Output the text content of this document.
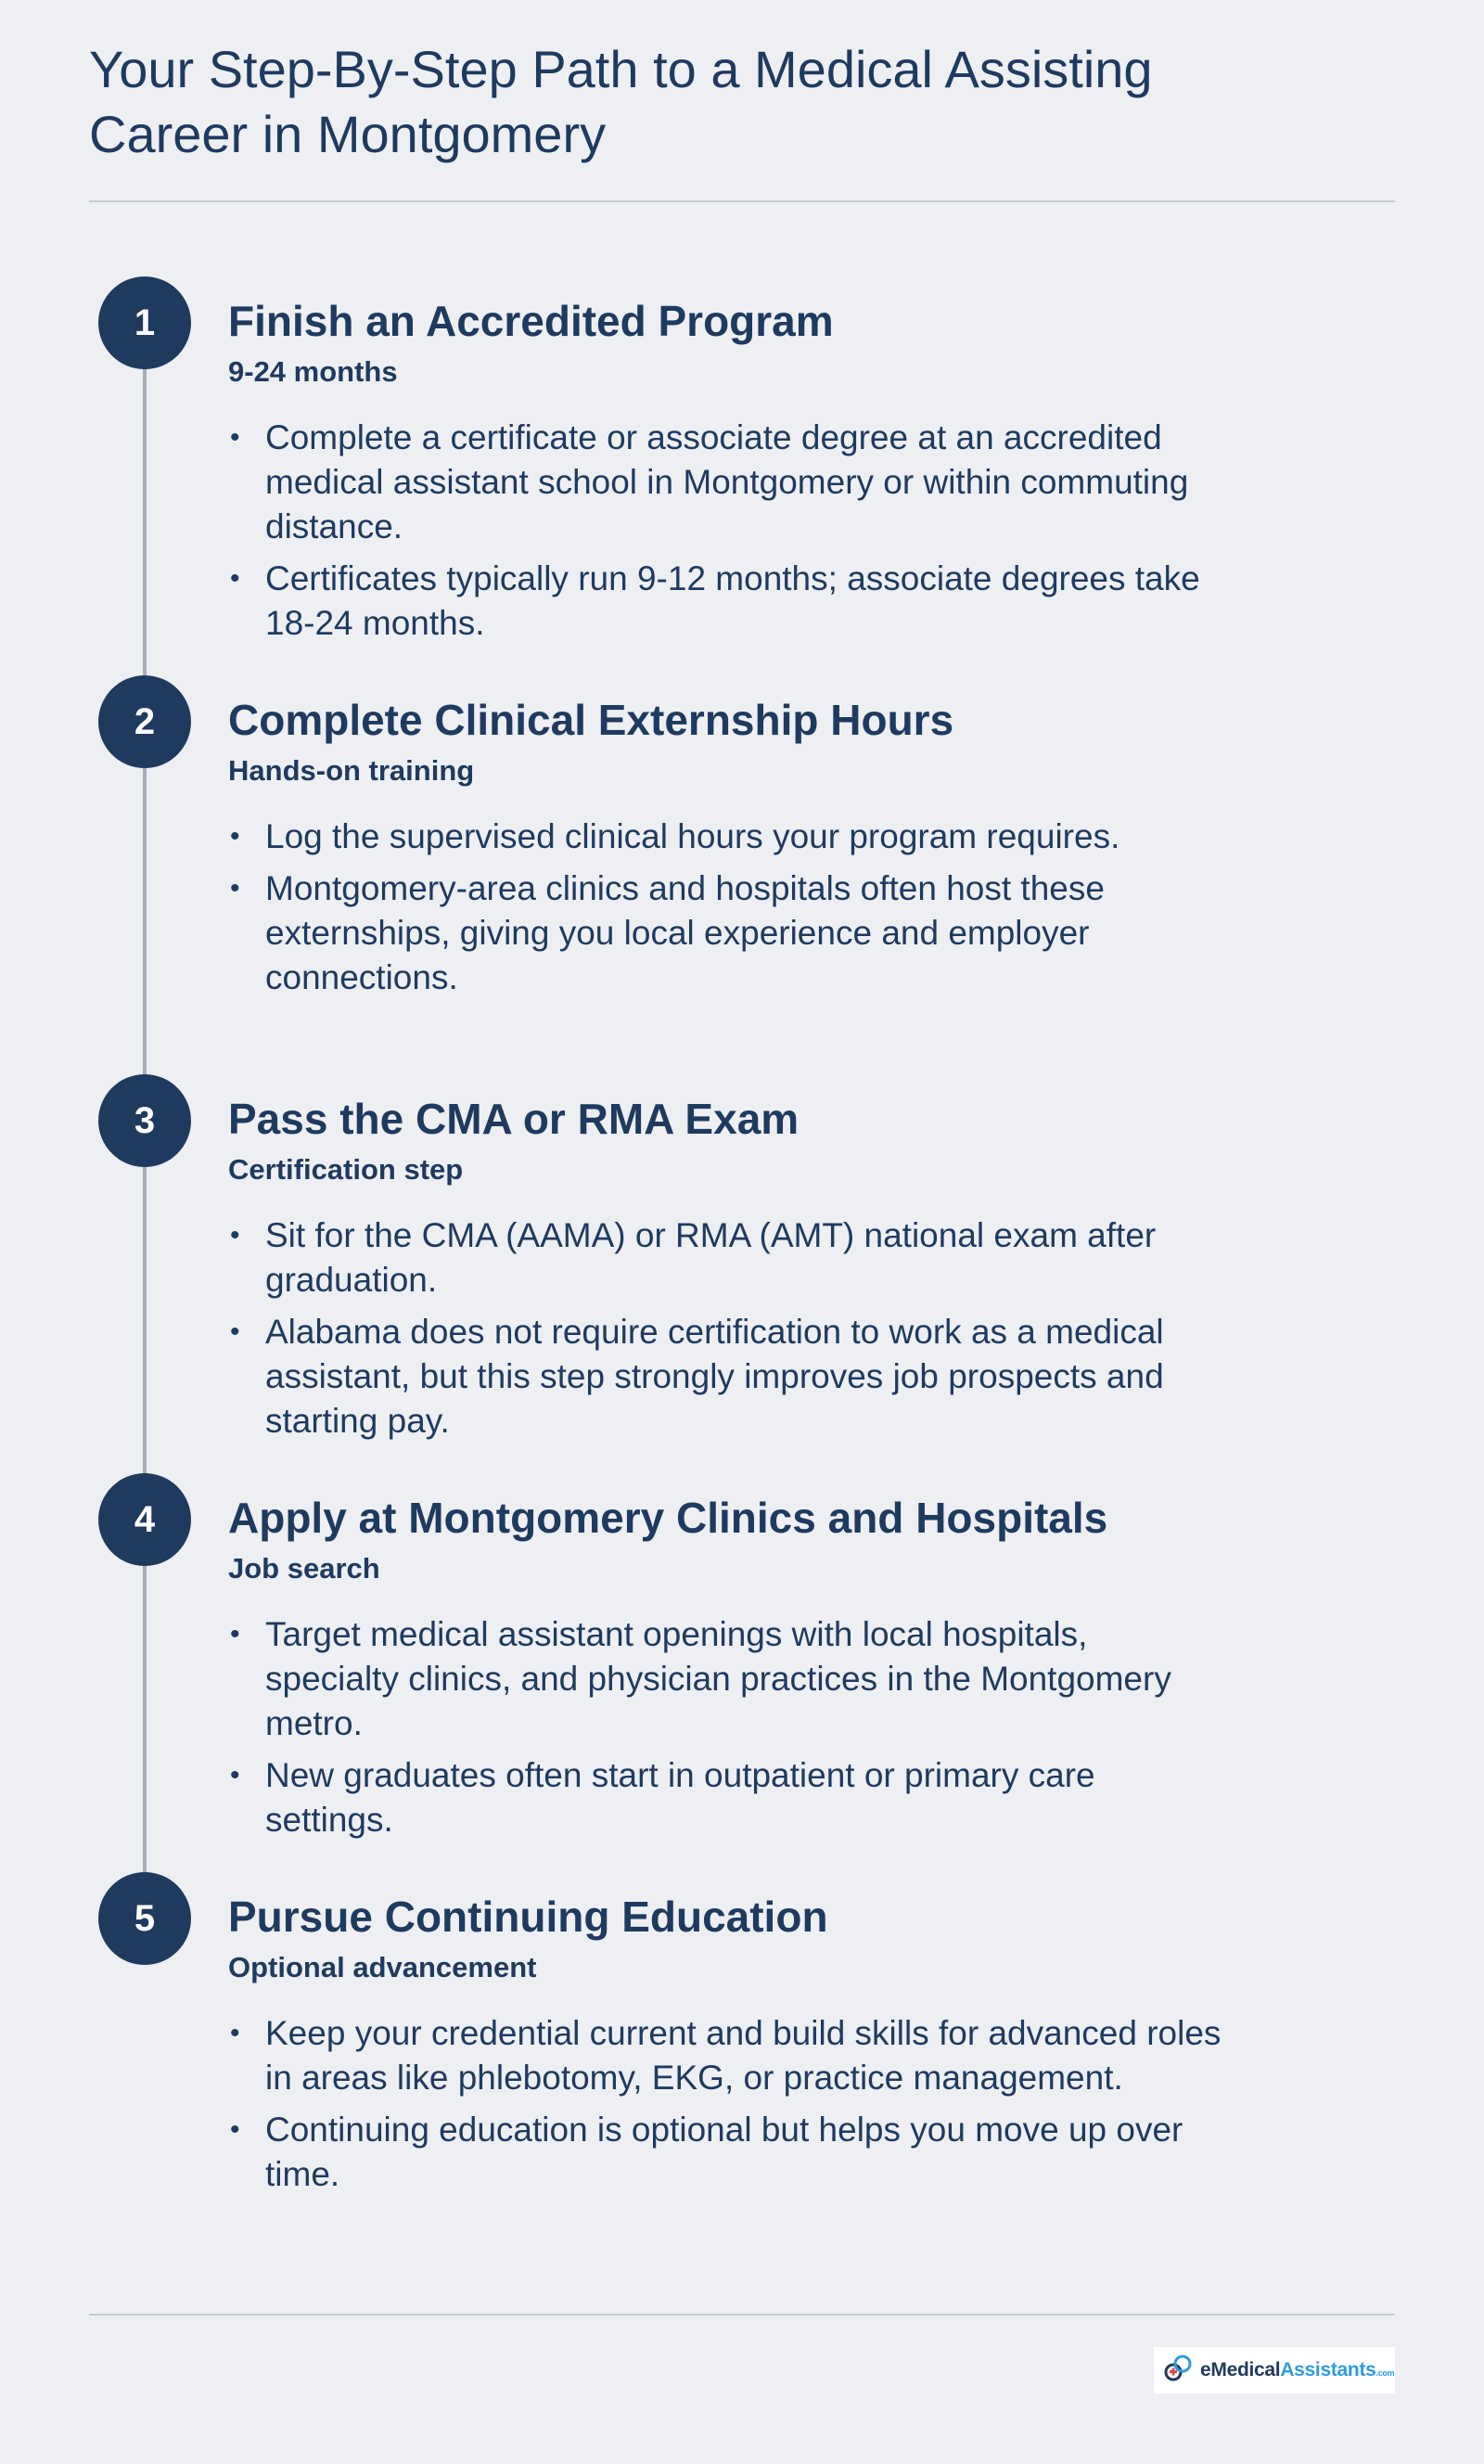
Your Step-By-Step Path to a Medical Assisting Career in Montgomery
1	Finish an Accredited Program
9-24 months
• Complete a certificate or associate degree at an accredited medical assistant school in Montgomery or within commuting distance.
• Certificates typically run 9-12 months; associate degrees take 18-24 months.
2	Complete Clinical Externship Hours
Hands-on training
• Log the supervised clinical hours your program requires.
• Montgomery-area clinics and hospitals often host these externships, giving you local experience and employer connections.
3	Pass the CMA or RMA Exam
Certification step
• Sit for the CMA (AAMA) or RMA (AMT) national exam after graduation.
• Alabama does not require certification to work as a medical assistant, but this step strongly improves job prospects and starting pay.
4	Apply at Montgomery Clinics and Hospitals
Job search
• Target medical assistant openings with local hospitals, specialty clinics, and physician practices in the Montgomery metro.
• New graduates often start in outpatient or primary care settings.
5	Pursue Continuing Education
Optional advancement
• Keep your credential current and build skills for advanced roles in areas like phlebotomy, EKG, or practice management.
• Continuing education is optional but helps you move up over time.
eMedicalAssistants.com
